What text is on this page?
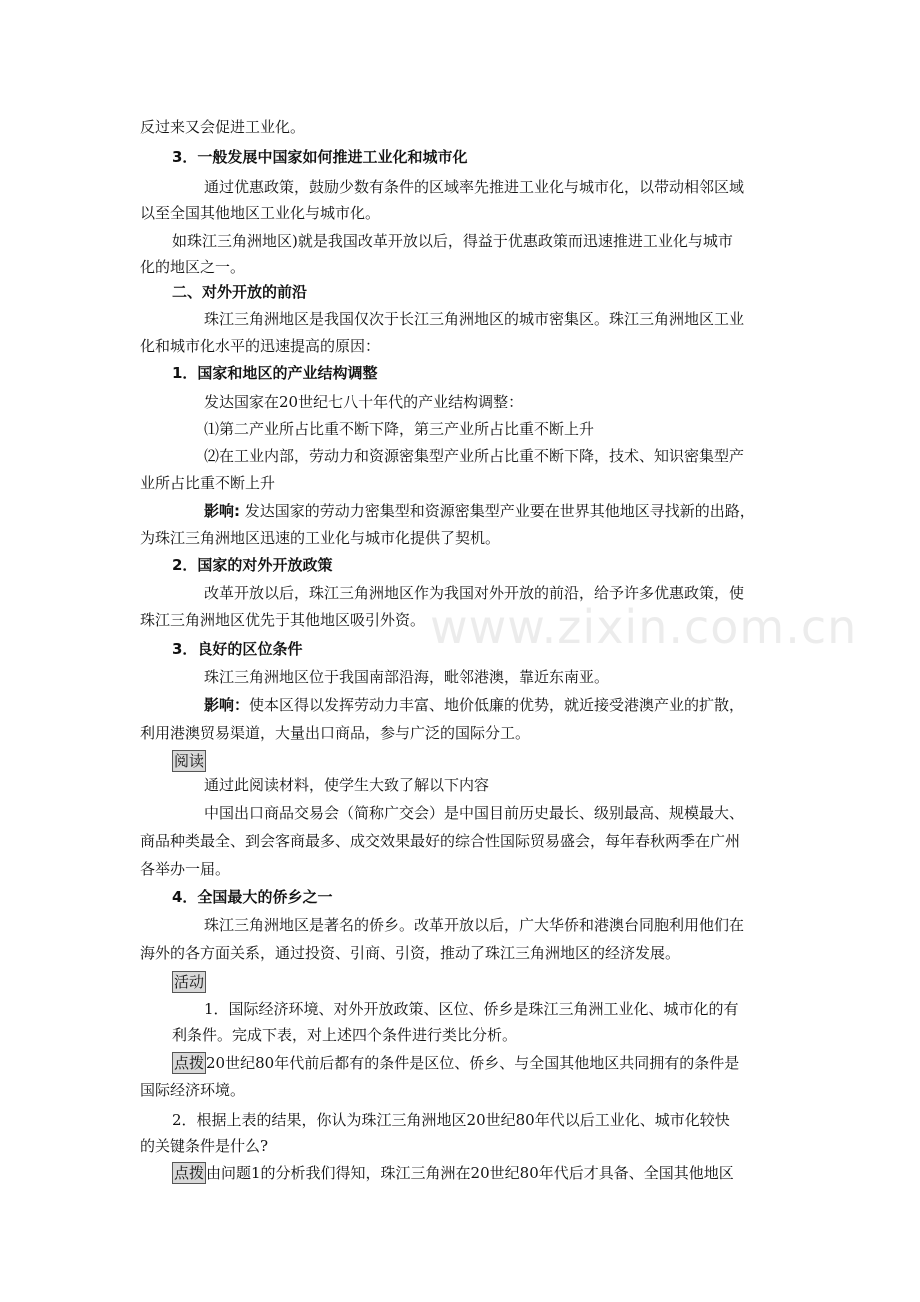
www.zixin.com.cn
反过来又会促进工业化。
3．一般发展中国家如何推进工业化和城市化
通过优惠政策，鼓励少数有条件的区域率先推进工业化与城市化，以带动相邻区域
以至全国其他地区工业化与城市化。
如珠江三角洲地区)就是我国改革开放以后，得益于优惠政策而迅速推进工业化与城市
化的地区之一。
二、对外开放的前沿
珠江三角洲地区是我国仅次于长江三角洲地区的城市密集区。珠江三角洲地区工业
化和城市化水平的迅速提高的原因：
1．国家和地区的产业结构调整
发达国家在20世纪七八十年代的产业结构调整：
⑴第二产业所占比重不断下降，第三产业所占比重不断上升
⑵在工业内部，劳动力和资源密集型产业所占比重不断下降，技术、知识密集型产
业所占比重不断上升
影响: 发达国家的劳动力密集型和资源密集型产业要在世界其他地区寻找新的出路，
为珠江三角洲地区迅速的工业化与城市化提供了契机。
2．国家的对外开放政策
改革开放以后，珠江三角洲地区作为我国对外开放的前沿，给予许多优惠政策，使
珠江三角洲地区优先于其他地区吸引外资。
3．良好的区位条件
珠江三角洲地区位于我国南部沿海，毗邻港澳，靠近东南亚。
影响：使本区得以发挥劳动力丰富、地价低廉的优势，就近接受港澳产业的扩散，
利用港澳贸易渠道，大量出口商品，参与广泛的国际分工。
阅读
通过此阅读材料，使学生大致了解以下内容
中国出口商品交易会（简称广交会）是中国目前历史最长、级别最高、规模最大、
商品种类最全、到会客商最多、成交效果最好的综合性国际贸易盛会，每年春秋两季在广州
各举办一届。
4．全国最大的侨乡之一
珠江三角洲地区是著名的侨乡。改革开放以后，广大华侨和港澳台同胞利用他们在
海外的各方面关系，通过投资、引商、引资，推动了珠江三角洲地区的经济发展。
活动
1．国际经济环境、对外开放政策、区位、侨乡是珠江三角洲工业化、城市化的有
利条件。完成下表，对上述四个条件进行类比分析。
点拨 20世纪80年代前后都有的条件是区位、侨乡、与全国其他地区共同拥有的条件是
国际经济环境。
2．根据上表的结果，你认为珠江三角洲地区20世纪80年代以后工业化、城市化较快
的关键条件是什么?
点拨 由问题1的分析我们得知，珠江三角洲在20世纪80年代后才具备、全国其他地区
